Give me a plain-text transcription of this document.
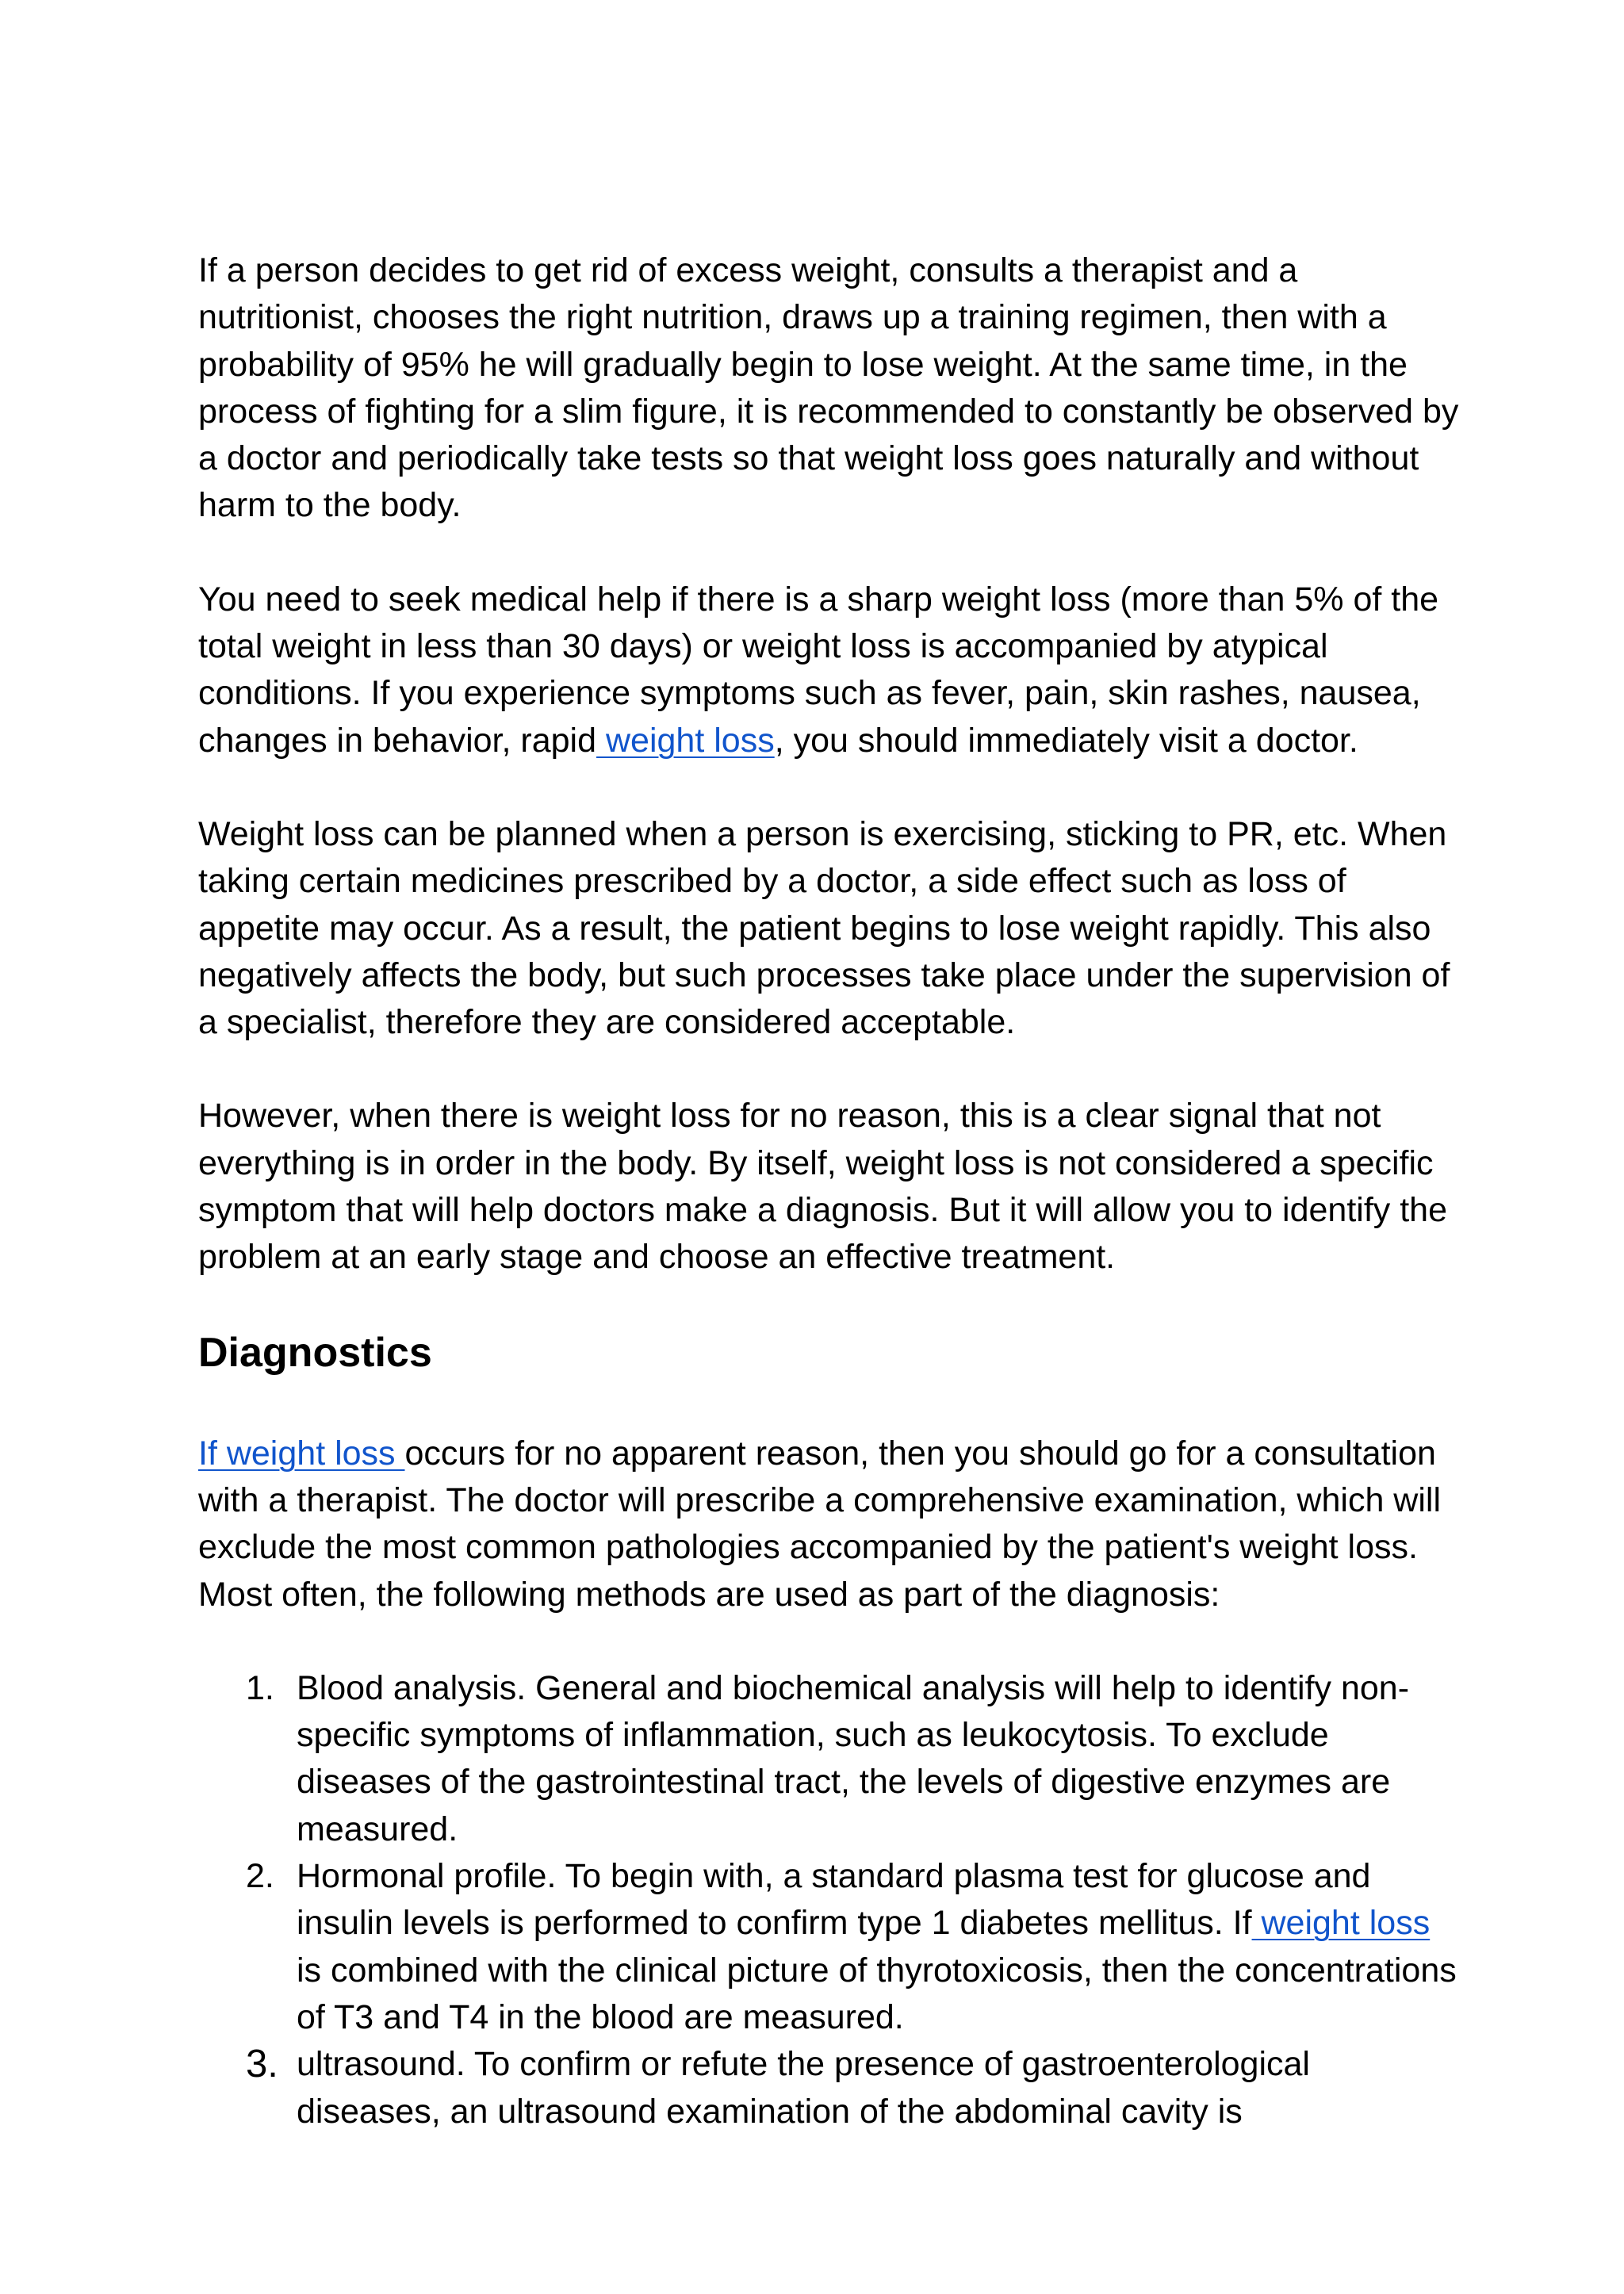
If a person decides to get rid of excess weight, consults a therapist and a nutritionist, chooses the right nutrition, draws up a training regimen, then with a probability of 95% he will gradually begin to lose weight. At the same time, in the process of fighting for a slim figure, it is recommended to constantly be observed by a doctor and periodically take tests so that weight loss goes naturally and without harm to the body.

You need to seek medical help if there is a sharp weight loss (more than 5% of the total weight in less than 30 days) or weight loss is accompanied by atypical conditions. If you experience symptoms such as fever, pain, skin rashes, nausea, changes in behavior, rapid weight loss, you should immediately visit a doctor.

Weight loss can be planned when a person is exercising, sticking to PR, etc. When taking certain medicines prescribed by a doctor, a side effect such as loss of appetite may occur. As a result, the patient begins to lose weight rapidly. This also negatively affects the body, but such processes take place under the supervision of a specialist, therefore they are considered acceptable.

However, when there is weight loss for no reason, this is a clear signal that not everything is in order in the body. By itself, weight loss is not considered a specific symptom that will help doctors make a diagnosis. But it will allow you to identify the problem at an early stage and choose an effective treatment.

Diagnostics

If weight loss occurs for no apparent reason, then you should go for a consultation with a therapist. The doctor will prescribe a comprehensive examination, which will exclude the most common pathologies accompanied by the patient's weight loss. Most often, the following methods are used as part of the diagnosis:

1. Blood analysis. General and biochemical analysis will help to identify non-specific symptoms of inflammation, such as leukocytosis. To exclude diseases of the gastrointestinal tract, the levels of digestive enzymes are measured.
2. Hormonal profile. To begin with, a standard plasma test for glucose and insulin levels is performed to confirm type 1 diabetes mellitus. If weight loss is combined with the clinical picture of thyrotoxicosis, then the concentrations of T3 and T4 in the blood are measured.
3. ultrasound. To confirm or refute the presence of gastroenterological diseases, an ultrasound examination of the abdominal cavity is
